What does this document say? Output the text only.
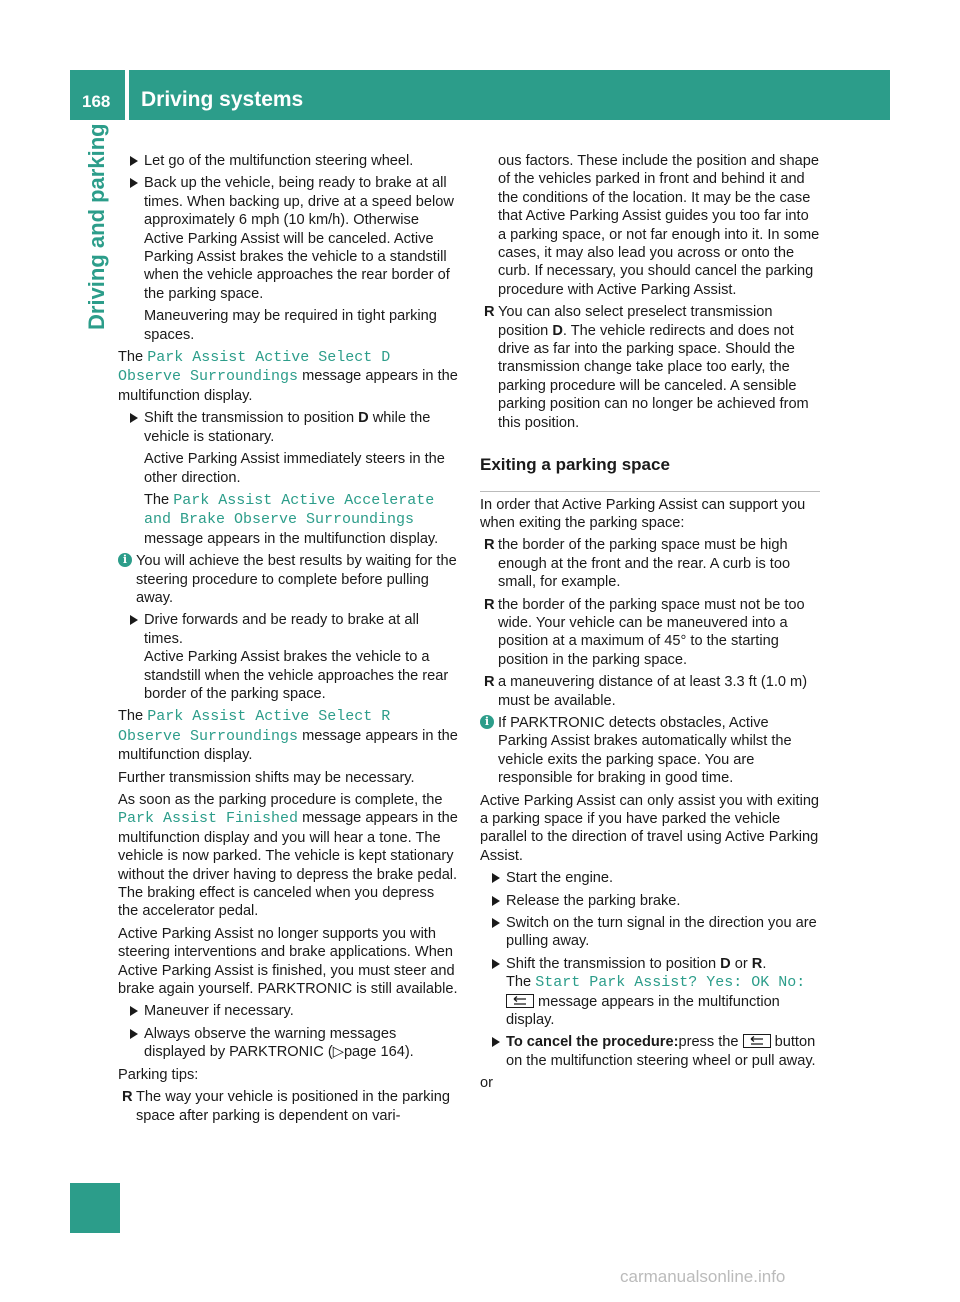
168 Driving systems
Driving and parking	Let go of the multifunction steering wheel.
Back up the vehicle, being ready to brake at all times. When backing up, drive at a speed below approximately 6 mph (10 km/h). Otherwise Active Parking Assist will be canceled. Active Parking Assist brakes the vehicle to a standstill when the vehicle approaches the rear border of the parking space.

Maneuvering may be required in tight parking spaces.

The Park Assist Active Select D Observe Surroundings message appears in the multifunction display.

Shift the transmission to position D while the vehicle is stationary.

Active Parking Assist immediately steers in the other direction.

The Park Assist Active Accelerate and Brake Observe Surroundings message appears in the multifunction display.

i You will achieve the best results by waiting for the steering procedure to complete before pulling away.
Drive forwards and be ready to brake at all times.
Active Parking Assist brakes the vehicle to a standstill when the vehicle approaches the rear border of the parking space.

The Park Assist Active Select R Observe Surroundings message appears in the multifunction display.

Further transmission shifts may be necessary.

As soon as the parking procedure is complete, the Park Assist Finished message appears in the multifunction display and you will hear a tone. The vehicle is now parked. The vehicle is kept stationary without the driver having to depress the brake pedal. The braking effect is canceled when you depress the accelerator pedal.

Active Parking Assist no longer supports you with steering interventions and brake applications. When Active Parking Assist is finished, you must steer and brake again yourself. PARKTRONIC is still available.

Maneuver if necessary.
Always observe the warning messages displayed by PARKTRONIC (▷page 164).

Parking tips:

R The way your vehicle is positioned in the parking space after parking is dependent on vari-

ous factors. These include the position and shape of the vehicles parked in front and behind it and the conditions of the location. It may be the case that Active Parking Assist guides you too far into a parking space, or not far enough into it. In some cases, it may also lead you across or onto the curb. If necessary, you should cancel the parking procedure with Active Parking Assist.

R You can also select preselect transmission position D. The vehicle redirects and does not drive as far into the parking space. Should the transmission change take place too early, the parking procedure will be canceled. A sensible parking position can no longer be achieved from this position.
Exiting a parking space

In order that Active Parking Assist can support you when exiting the parking space:

R the border of the parking space must be high enough at the front and the rear. A curb is too small, for example.
R the border of the parking space must not be too wide. Your vehicle can be maneuvered into a position at a maximum of 45° to the starting position in the parking space.
R a maneuvering distance of at least 3.3 ft (1.0 m) must be available.
i If PARKTRONIC detects obstacles, Active Parking Assist brakes automatically whilst the vehicle exits the parking space. You are responsible for braking in good time.

Active Parking Assist can only assist you with exiting a parking space if you have parked the vehicle parallel to the direction of travel using Active Parking Assist.

Start the engine.
Release the parking brake.
Switch on the turn signal in the direction you are pulling away.
Shift the transmission to position D or R.
The Start Park Assist? Yes: OK No:

message appears in the multifunction display.
To cancel the procedure:press the
button on the multifunction steering wheel or pull away.

or

carmanualsonline.info
